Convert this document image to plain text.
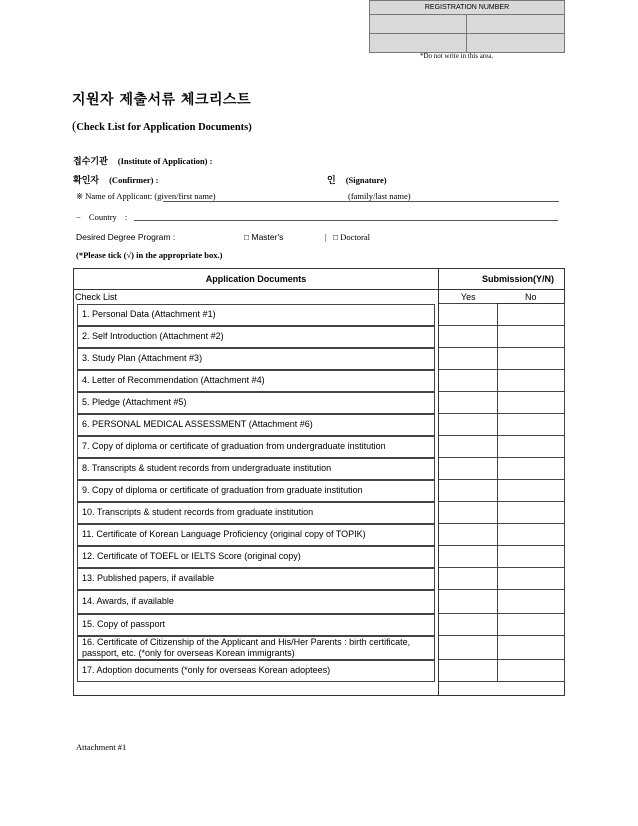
REGISTRATION NUMBER	

*Do not write in this area.
지원자 제출서류 체크리스트
(Check List for Application Documents)
접수기관 (Institute of Application) :
확인자 (Confirmer) :	인 (Signature)
※ Name of Applicant: (given/first name)	(family/last name)
− Country :
Desired Degree Program :	□ Master's	| □ Doctoral
(*Please tick (√) in the appropriate box.)
Application Documents	Submission(Y/N)	
Check List	Yes	No

1. Personal Data (Attachment #1)		

2. Self Introduction (Attachment #2)		

3. Study Plan (Attachment #3)		

4. Letter of Recommendation (Attachment #4)		

5. Pledge (Attachment #5)		

6. PERSONAL MEDICAL ASSESSMENT (Attachment #6)		

7. Copy of diploma or certificate of graduation from undergraduate institution		

8. Transcripts & student records from undergraduate institution		

9. Copy of diploma or certificate of graduation from graduate institution		

10. Transcripts & student records from graduate institution		

11. Certificate of Korean Language Proficiency (original copy of TOPIK)		

12. Certificate of TOEFL or IELTS Score (original copy)		

13. Published papers, if available		

14. Awards, if available		

15. Copy of passport		

16. Certificate of Citizenship of the Applicant and His/Her Parents : birth certificate, passport, etc. (*only for overseas Korean immigrants)		

17. Adoption documents (*only for overseas Korean adoptees)		

Attachment #1
